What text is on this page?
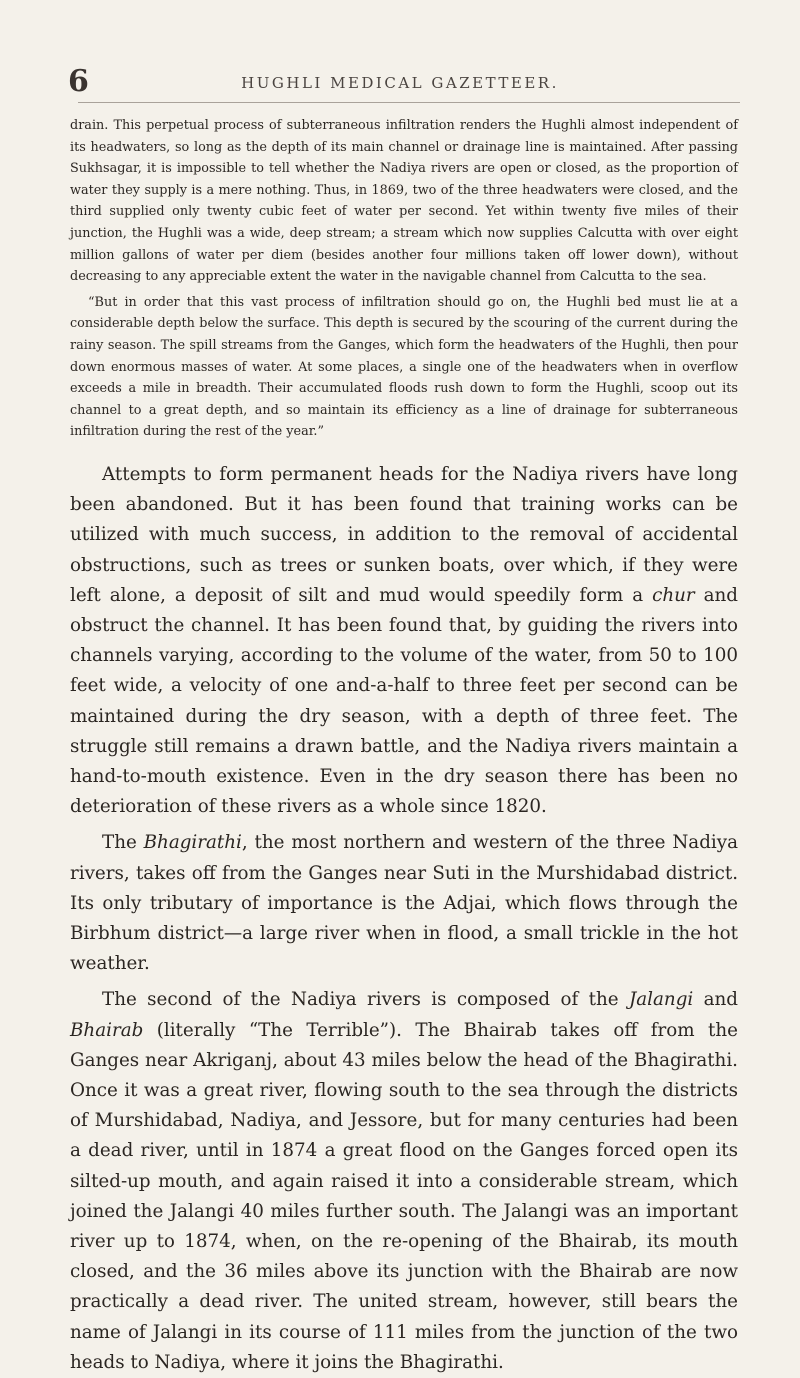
6	HUGHLI MEDICAL GAZETTEER.

drain. This perpetual process of subterraneous infiltration renders the Hughli almost independent of its headwaters, so long as the depth of its main channel or drainage line is maintained. After passing Sukhsagar, it is impossible to tell whether the Nadiya rivers are open or closed, as the proportion of water they supply is a mere nothing. Thus, in 1869, two of the three headwaters were closed, and the third supplied only twenty cubic feet of water per second. Yet within twenty five miles of their junction, the Hughli was a wide, deep stream; a stream which now supplies Calcutta with over eight million gallons of water per diem (besides another four millions taken off lower down), without decreasing to any appreciable extent the water in the navigable channel from Calcutta to the sea.

“But in order that this vast process of infiltration should go on, the Hughli bed must lie at a considerable depth below the surface. This depth is secured by the scouring of the current during the rainy season. The spill streams from the Ganges, which form the headwaters of the Hughli, then pour down enormous masses of water. At some places, a single one of the headwaters when in overflow exceeds a mile in breadth. Their accumulated floods rush down to form the Hughli, scoop out its channel to a great depth, and so maintain its efficiency as a line of drainage for subterraneous infiltration during the rest of the year.”

Attempts to form permanent heads for the Nadiya rivers have long been abandoned. But it has been found that training works can be utilized with much success, in addition to the removal of accidental obstructions, such as trees or sunken boats, over which, if they were left alone, a deposit of silt and mud would speedily form a chur and obstruct the channel. It has been found that, by guiding the rivers into channels varying, according to the volume of the water, from 50 to 100 feet wide, a velocity of one and-a-half to three feet per second can be maintained during the dry season, with a depth of three feet. The struggle still remains a drawn battle, and the Nadiya rivers maintain a hand-to-mouth existence. Even in the dry season there has been no deterioration of these rivers as a whole since 1820.

The Bhagirathi, the most northern and western of the three Nadiya rivers, takes off from the Ganges near Suti in the Murshidabad district. Its only tributary of importance is the Adjai, which flows through the Birbhum district—a large river when in flood, a small trickle in the hot weather.

The second of the Nadiya rivers is composed of the Jalangi and Bhairab (literally “The Terrible”). The Bhairab takes off from the Ganges near Akriganj, about 43 miles below the head of the Bhagirathi. Once it was a great river, flowing south to the sea through the districts of Murshidabad, Nadiya, and Jessore, but for many centuries had been a dead river, until in 1874 a great flood on the Ganges forced open its silted-up mouth, and again raised it into a considerable stream, which joined the Jalangi 40 miles further south. The Jalangi was an important river up to 1874, when, on the re-opening of the Bhairab, its mouth closed, and the 36 miles above its junction with the Bhairab are now practically a dead river. The united stream, however, still bears the name of Jalangi in its course of 111 miles from the junction of the two heads to Nadiya, where it joins the Bhagirathi.
